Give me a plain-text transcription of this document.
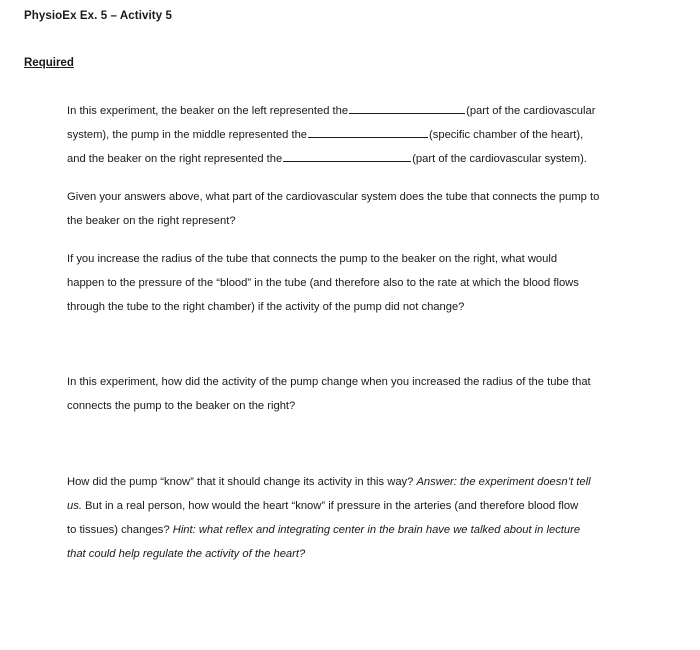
PhysioEx Ex. 5 – Activity 5
Required
In this experiment, the beaker on the left represented the	(part of the cardiovascular
system), the pump in the middle represented the	(specific chamber of the heart),
and the beaker on the right represented the	(part of the cardiovascular system).
Given your answers above, what part of the cardiovascular system does the tube that connects the pump to
the beaker on the right represent?
If you increase the radius of the tube that connects the pump to the beaker on the right, what would
happen to the pressure of the “blood” in the tube (and therefore also to the rate at which the blood flows
through the tube to the right chamber) if the activity of the pump did not change?
In this experiment, how did the activity of the pump change when you increased the radius of the tube that
connects the pump to the beaker on the right?
How did the pump “know” that it should change its activity in this way? Answer: the experiment doesn’t tell
us. But in a real person, how would the heart “know” if pressure in the arteries (and therefore blood flow
to tissues) changes? Hint: what reflex and integrating center in the brain have we talked about in lecture
that could help regulate the activity of the heart?
